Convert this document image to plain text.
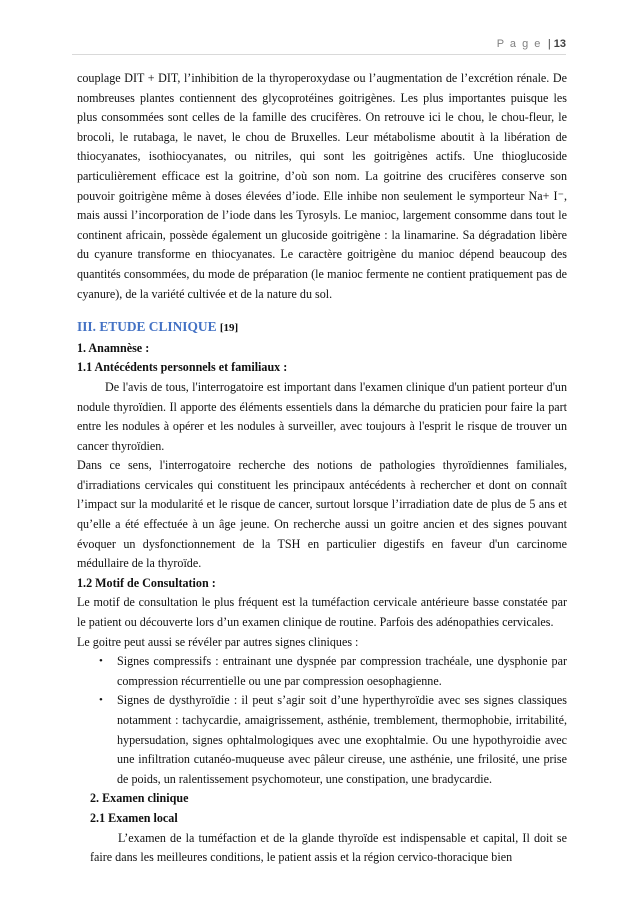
P a g e | 13

couplage DIT + DIT, l’inhibition de la thyroperoxydase ou l’augmentation de l’excrétion rénale. De nombreuses plantes contiennent des glycoprotéines goitrigènes. Les plus importantes puisque les plus consommées sont celles de la famille des crucifères. On retrouve ici le chou, le chou-fleur, le brocoli, le rutabaga, le navet, le chou de Bruxelles. Leur métabolisme aboutit à la libération de thiocyanates, isothiocyanates, ou nitriles, qui sont les goitrigènes actifs. Une thioglucoside particulièrement efficace est la goitrine, d’où son nom. La goitrine des crucifères conserve son pouvoir goitrigène même à doses élevées d’iode. Elle inhibe non seulement le symporteur Na+ I⁻, mais aussi l’incorporation de l’iode dans les Tyrosyls. Le manioc, largement consomme dans tout le continent africain, possède également un glucoside goitrigène : la linamarine. Sa dégradation libère du cyanure transforme en thiocyanates. Le caractère goitrigène du manioc dépend beaucoup des quantités consommées, du mode de préparation (le manioc fermente ne contient pratiquement pas de cyanure), de la variété cultivée et de la nature du sol.

III. ETUDE CLINIQUE [19]

1. Anamnèse :

1.1 Antécédents personnels et familiaux :

De l'avis de tous, l'interrogatoire est important dans l'examen clinique d'un patient porteur d'un nodule thyroïdien. Il apporte des éléments essentiels dans la démarche du praticien pour faire la part entre les nodules à opérer et les nodules à surveiller, avec toujours à l'esprit le risque de trouver un cancer thyroïdien.

Dans ce sens, l'interrogatoire recherche des notions de pathologies thyroïdiennes familiales, d'irradiations cervicales qui constituent les principaux antécédents à rechercher et dont on connaît l’impact sur la modularité et le risque de cancer, surtout lorsque l’irradiation date de plus de 5 ans et qu’elle a été effectuée à un âge jeune. On recherche aussi un goitre ancien et des signes pouvant évoquer un dysfonctionnement de la TSH en particulier digestifs en faveur d'un carcinome médullaire de la thyroïde.

1.2 Motif de Consultation :

Le motif de consultation le plus fréquent est la tuméfaction cervicale antérieure basse constatée par le patient ou découverte lors d’un examen clinique de routine. Parfois des adénopathies cervicales.

Le goitre peut aussi se révéler par autres signes cliniques :

• Signes compressifs : entrainant une dyspnée par compression trachéale, une dysphonie par compression récurrentielle ou une par compression oesophagienne.
• Signes de dysthyroïdie : il peut s’agir soit d’une hyperthyroïdie avec ses signes classiques notamment : tachycardie, amaigrissement, asthénie, tremblement, thermophobie, irritabilité, hypersudation, signes ophtalmologiques avec une exophtalmie. Ou une hypothyroidie avec une infiltration cutanéo-muqueuse avec pâleur cireuse, une asthénie, une frilosité, une prise de poids, un ralentissement psychomoteur, une constipation, une bradycardie.

2. Examen clinique

2.1 Examen local

L’examen de la tuméfaction et de la glande thyroïde est indispensable et capital, Il doit se faire dans les meilleures conditions, le patient assis et la région cervico-thoracique bien
